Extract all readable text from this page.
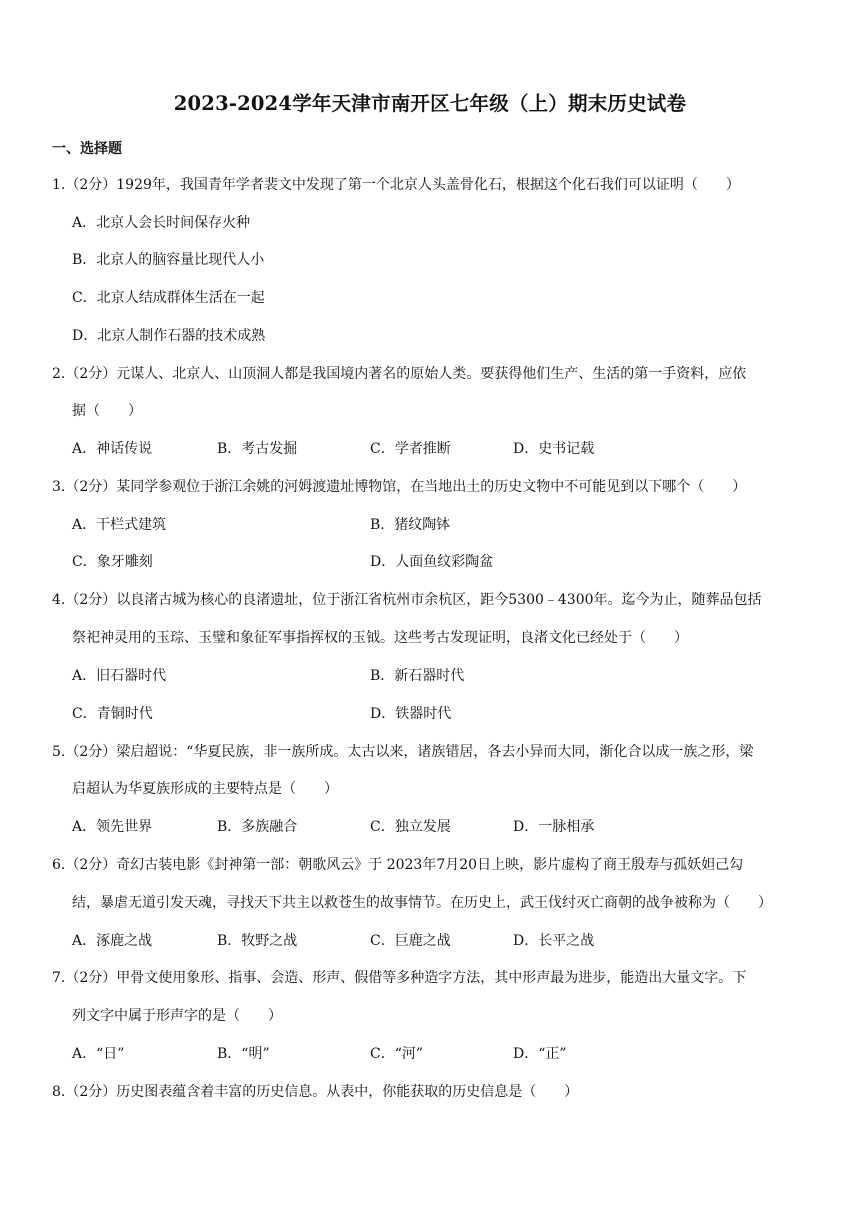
2023-2024学年天津市南开区七年级（上）期末历史试卷
一、选择题
1.（2分）1929年，我国青年学者裴文中发现了第一个北京人头盖骨化石，根据这个化石我们可以证明（　　）
A．北京人会长时间保存火种
B．北京人的脑容量比现代人小
C．北京人结成群体生活在一起
D．北京人制作石器的技术成熟
2.（2分）元谋人、北京人、山顶洞人都是我国境内著名的原始人类。要获得他们生产、生活的第一手资料，应依
据（　　）
A．神话传说	B．考古发掘	C．学者推断	D．史书记载
3.（2分）某同学参观位于浙江余姚的河姆渡遗址博物馆，在当地出土的历史文物中不可能见到以下哪个（　　）
A．干栏式建筑	B．猪纹陶钵
C．象牙雕刻	D．人面鱼纹彩陶盆
4.（2分）以良渚古城为核心的良渚遗址，位于浙江省杭州市余杭区，距今5300﹣4300年。迄今为止，随葬品包括
祭祀神灵用的玉琮、玉璧和象征军事指挥权的玉钺。这些考古发现证明，良渚文化已经处于（　　）
A．旧石器时代	B．新石器时代
C．青铜时代	D．铁器时代
5.（2分）梁启超说：“华夏民族，非一族所成。太古以来，诸族错居，各去小异而大同，渐化合以成一族之形，梁
启超认为华夏族形成的主要特点是（　　）
A．领先世界	B．多族融合	C．独立发展	D．一脉相承
6.（2分）奇幻古装电影《封神第一部：朝歌风云》于 2023年7月20日上映，影片虚构了商王殷寿与孤妖妲己勾
结，暴虐无道引发天魂，寻找天下共主以救苍生的故事情节。在历史上，武王伐纣灭亡商朝的战争被称为（　　）
A．涿鹿之战	B．牧野之战	C．巨鹿之战	D．长平之战
7.（2分）甲骨文使用象形、指事、会造、形声、假借等多种造字方法，其中形声最为进步，能造出大量文字。下
列文字中属于形声字的是（　　）
A．“日”	B．“明”	C．“河”	D．“正”
8.（2分）历史图表蕴含着丰富的历史信息。从表中，你能获取的历史信息是（　　）
